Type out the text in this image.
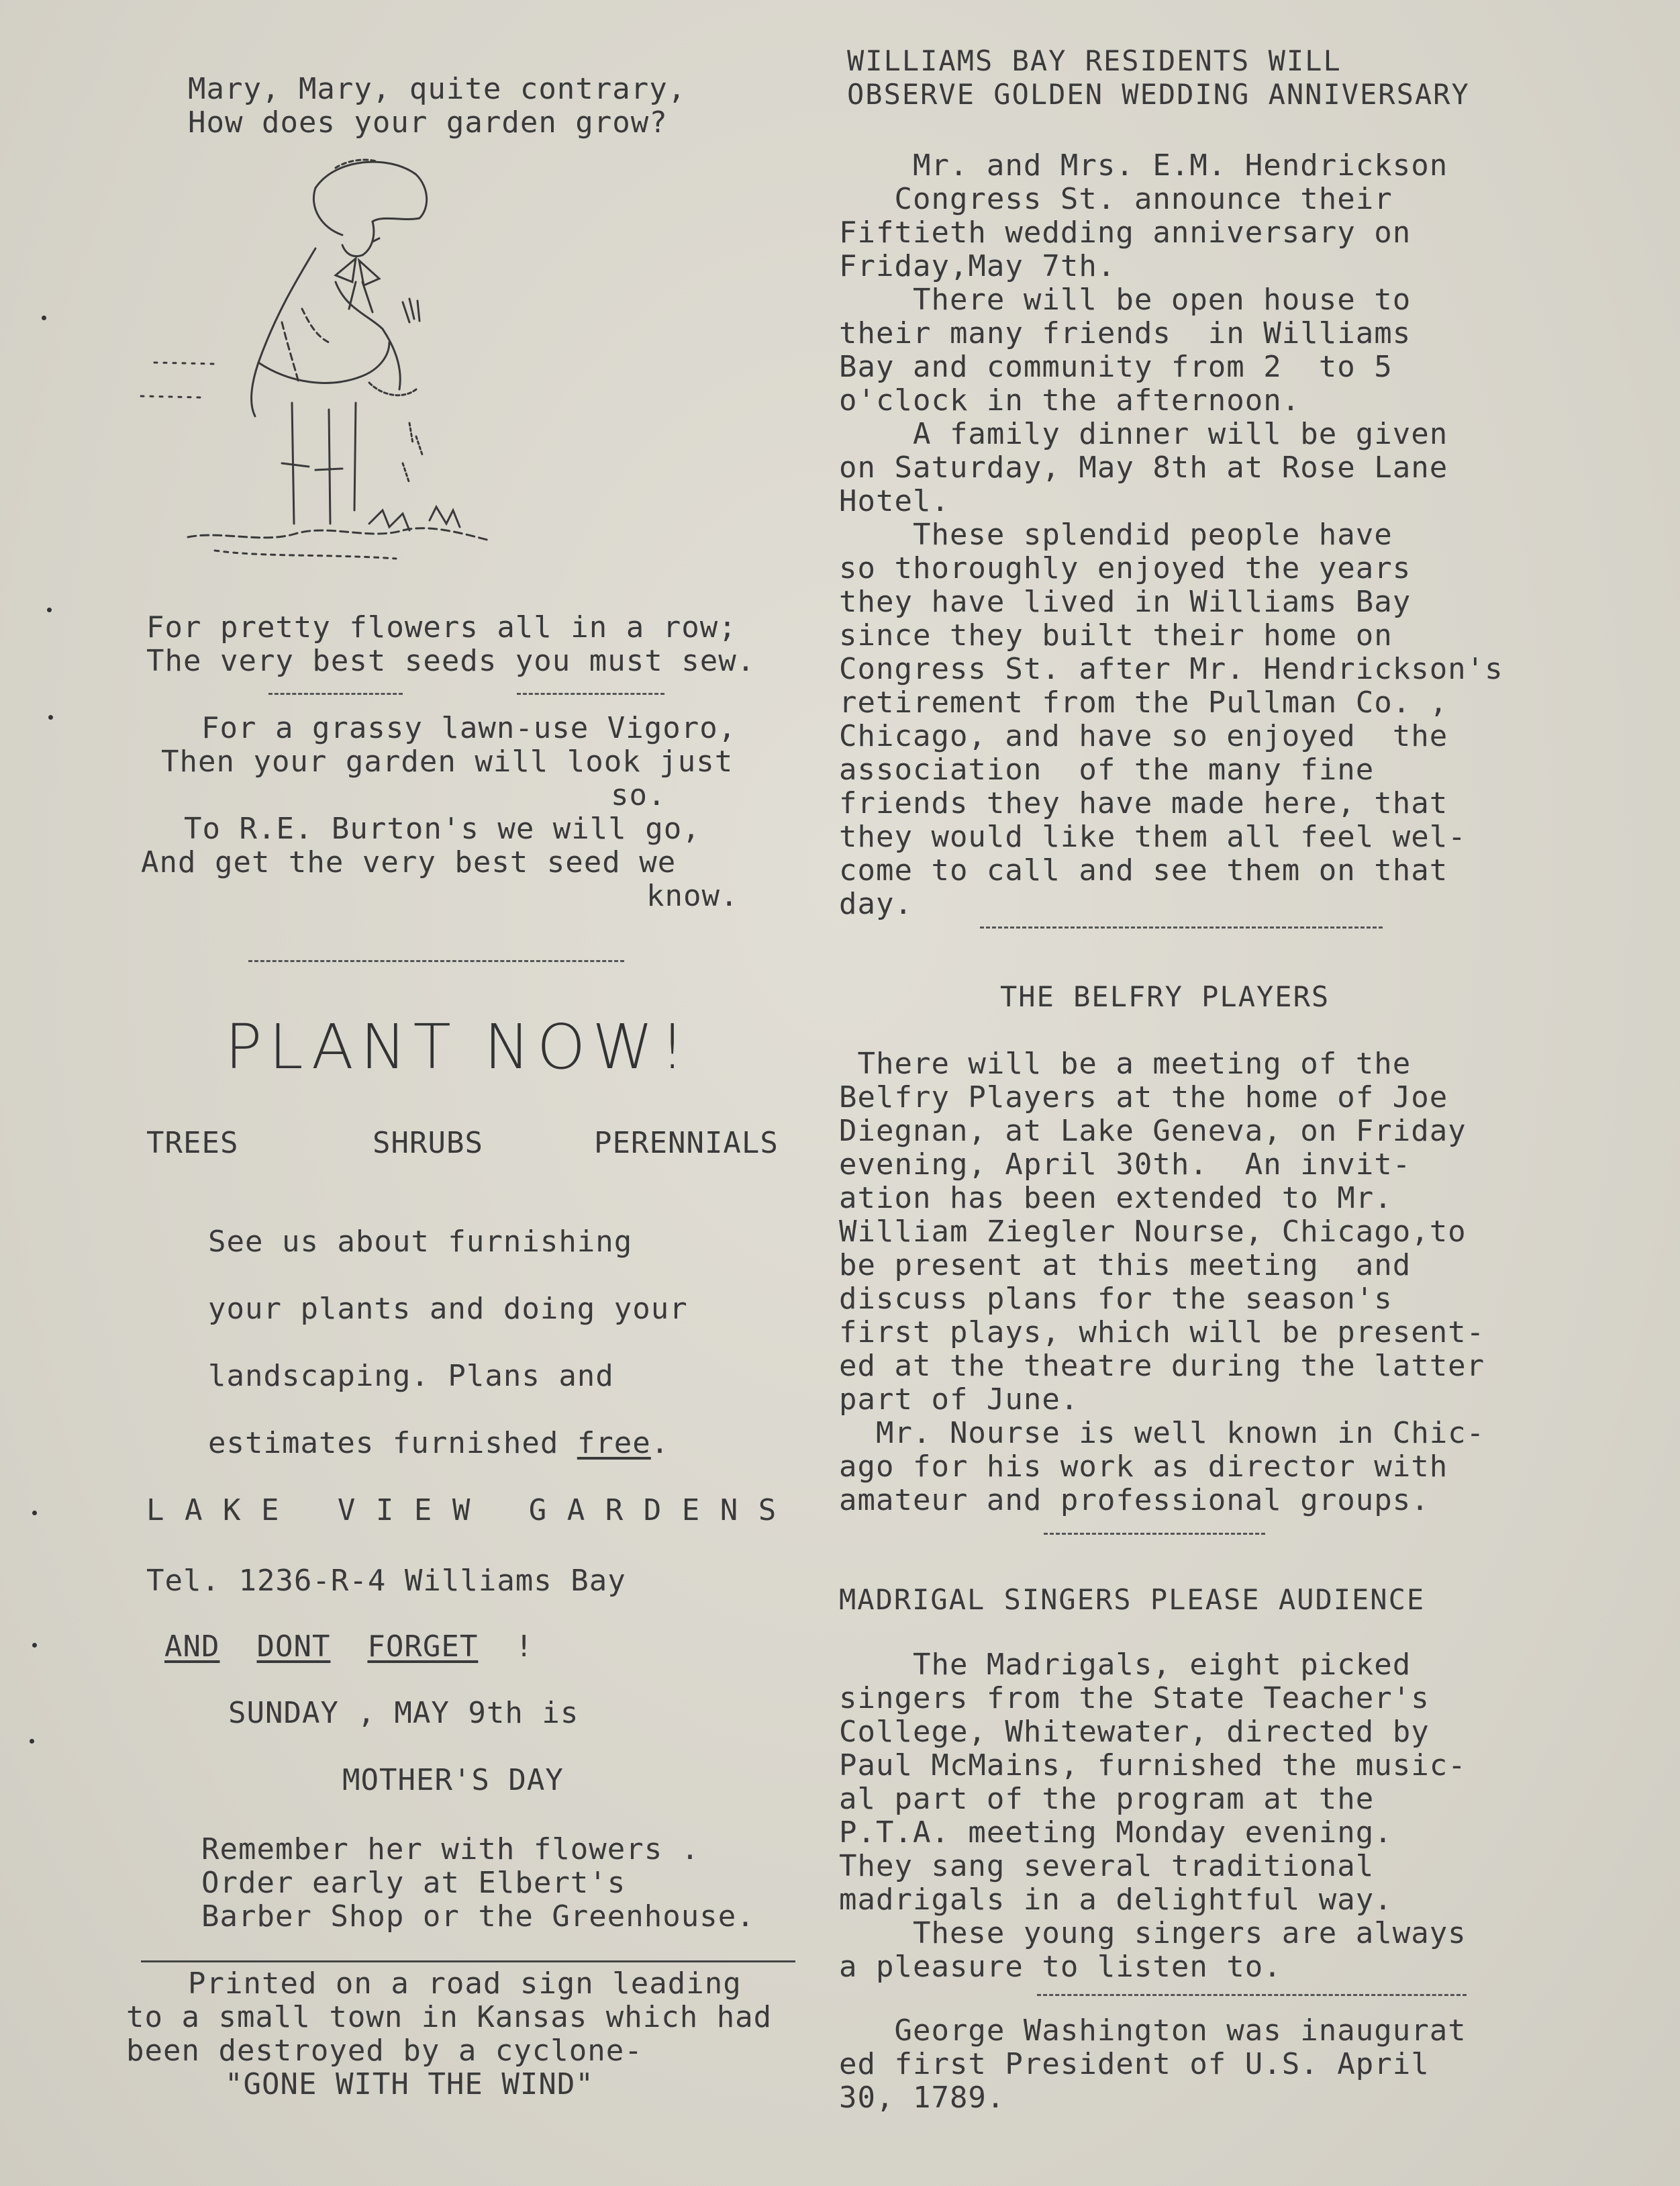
Mary, Mary, quite contrary,
How does your garden grow?
For pretty flowers all in a row;
The very best seeds you must sew.
For a grassy lawn-use Vigoro,
Then your garden will look just
so.
To R.E. Burton's we will go,
And get the very best seed we
know.
PLANT NOW!
TREES	SHRUBS	PERENNIALS
See us about furnishing
your plants and doing your
landscaping. Plans and
estimates furnished free.
L A K E   V I E W   G A R D E N S
Tel. 1236-R-4 Williams Bay
AND DONT FORGET !
SUNDAY , MAY 9th is
MOTHER'S DAY
Remember her with flowers .
Order early at Elbert's
Barber Shop or the Greenhouse.
Printed on a road sign leading
to a small town in Kansas which had
been destroyed by a cyclone-
"GONE WITH THE WIND"
WILLIAMS BAY RESIDENTS WILL
OBSERVE GOLDEN WEDDING ANNIVERSARY
Mr. and Mrs. E.M. Hendrickson
Congress St. announce their
Fiftieth wedding anniversary on
Friday,May 7th.
There will be open house to
their many friends  in Williams
Bay and community from 2  to 5
o'clock in the afternoon.
A family dinner will be given
on Saturday, May 8th at Rose Lane
Hotel.
These splendid people have
so thoroughly enjoyed the years
they have lived in Williams Bay
since they built their home on
Congress St. after Mr. Hendrickson's
retirement from the Pullman Co. ,
Chicago, and have so enjoyed  the
association  of the many fine
friends they have made here, that
they would like them all feel wel-
come to call and see them on that
day.
THE BELFRY PLAYERS
There will be a meeting of the
Belfry Players at the home of Joe
Diegnan, at Lake Geneva, on Friday
evening, April 30th.  An invit-
ation has been extended to Mr.
William Ziegler Nourse, Chicago,to
be present at this meeting  and
discuss plans for the season's
first plays, which will be present-
ed at the theatre during the latter
part of June.
Mr. Nourse is well known in Chic-
ago for his work as director with
amateur and professional groups.
MADRIGAL SINGERS PLEASE AUDIENCE
The Madrigals, eight picked
singers from the State Teacher's
College, Whitewater, directed by
Paul McMains, furnished the music-
al part of the program at the
P.T.A. meeting Monday evening.
They sang several traditional
madrigals in a delightful way.
These young singers are always
a pleasure to listen to.
George Washington was inaugurat
ed first President of U.S. April
30, 1789.
